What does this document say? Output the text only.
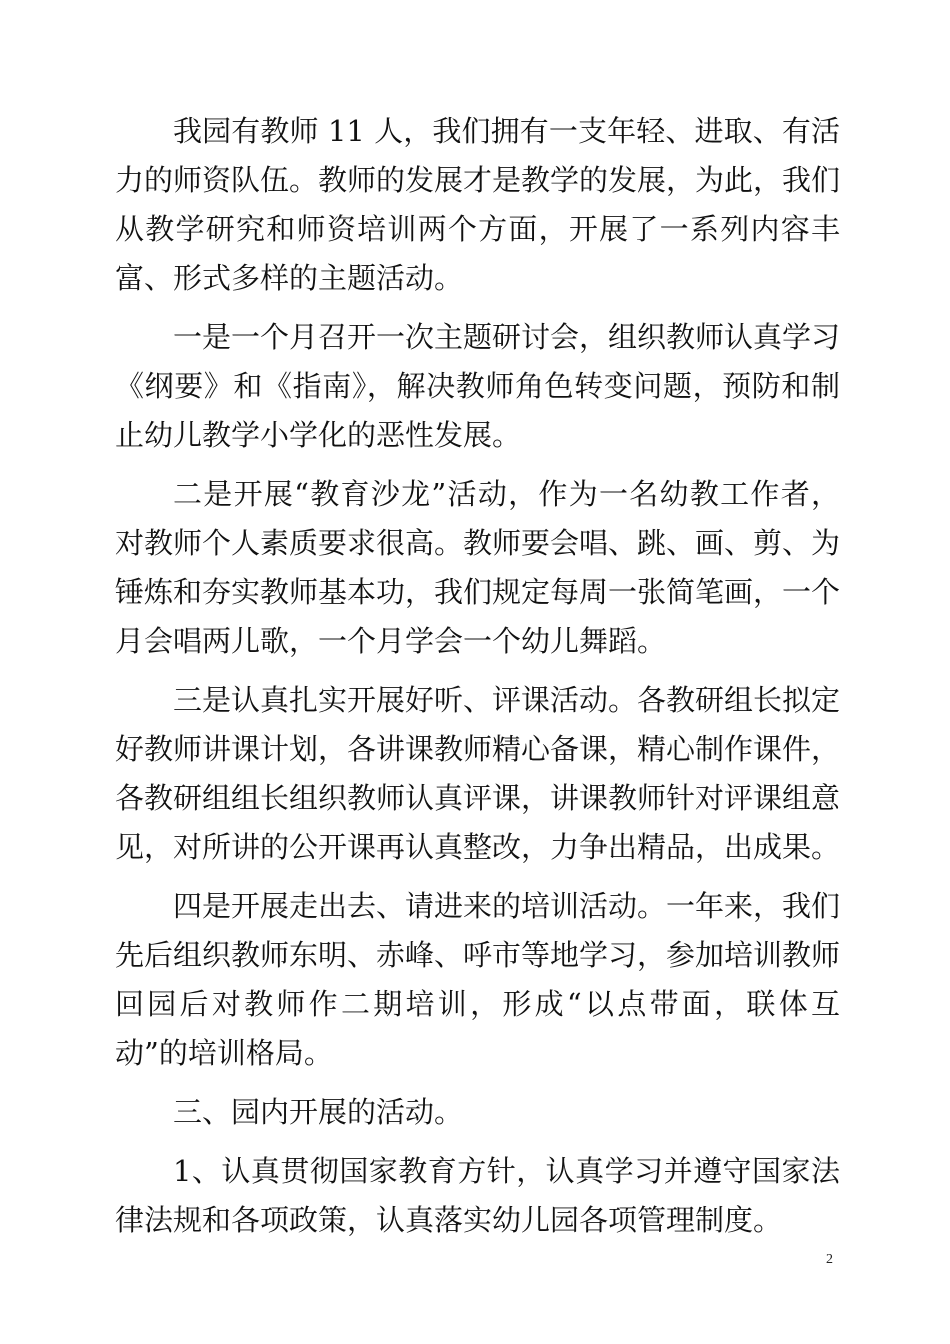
我园有教师 11 人，我们拥有一支年轻、进取、有活力的师资队伍。教师的发展才是教学的发展，为此，我们从教学研究和师资培训两个方面，开展了一系列内容丰富、形式多样的主题活动。

一是一个月召开一次主题研讨会，组织教师认真学习《纲要》和《指南》，解决教师角色转变问题，预防和制止幼儿教学小学化的恶性发展。

二是开展“教育沙龙”活动，作为一名幼教工作者，对教师个人素质要求很高。教师要会唱、跳、画、剪、为锤炼和夯实教师基本功，我们规定每周一张简笔画，一个月会唱两儿歌，一个月学会一个幼儿舞蹈。

三是认真扎实开展好听、评课活动。各教研组长拟定好教师讲课计划，各讲课教师精心备课，精心制作课件，各教研组组长组织教师认真评课，讲课教师针对评课组意见，对所讲的公开课再认真整改，力争出精品，出成果。

四是开展走出去、请进来的培训活动。一年来，我们先后组织教师东明、赤峰、呼市等地学习，参加培训教师回园后对教师作二期培训，形成“以点带面，联体互动”的培训格局。

三、园内开展的活动。

1、认真贯彻国家教育方针，认真学习并遵守国家法律法规和各项政策，认真落实幼儿园各项管理制度。

2
